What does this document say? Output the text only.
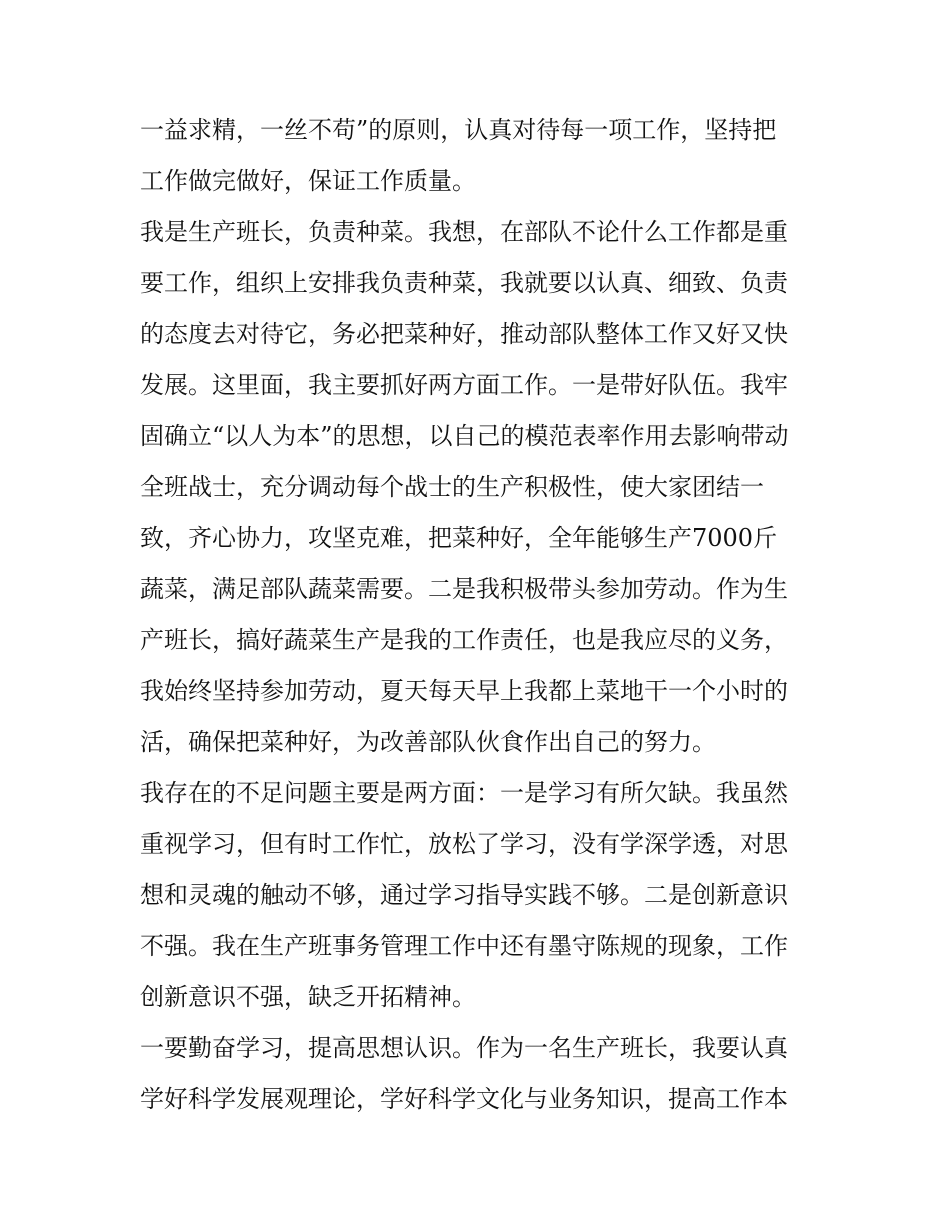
一益求精，一丝不苟”的原则，认真对待每一项工作，坚持把
工作做完做好，保证工作质量。
我是生产班长，负责种菜。我想，在部队不论什么工作都是重
要工作，组织上安排我负责种菜，我就要以认真、细致、负责
的态度去对待它，务必把菜种好，推动部队整体工作又好又快
发展。这里面，我主要抓好两方面工作。一是带好队伍。我牢
固确立“以人为本”的思想，以自己的模范表率作用去影响带动
全班战士，充分调动每个战士的生产积极性，使大家团结一
致，齐心协力，攻坚克难，把菜种好，全年能够生产7000斤
蔬菜，满足部队蔬菜需要。二是我积极带头参加劳动。作为生
产班长，搞好蔬菜生产是我的工作责任，也是我应尽的义务，
我始终坚持参加劳动，夏天每天早上我都上菜地干一个小时的
活，确保把菜种好，为改善部队伙食作出自己的努力。
我存在的不足问题主要是两方面：一是学习有所欠缺。我虽然
重视学习，但有时工作忙，放松了学习，没有学深学透，对思
想和灵魂的触动不够，通过学习指导实践不够。二是创新意识
不强。我在生产班事务管理工作中还有墨守陈规的现象，工作
创新意识不强，缺乏开拓精神。
一要勤奋学习，提高思想认识。作为一名生产班长，我要认真
学好科学发展观理论，学好科学文化与业务知识，提高工作本
